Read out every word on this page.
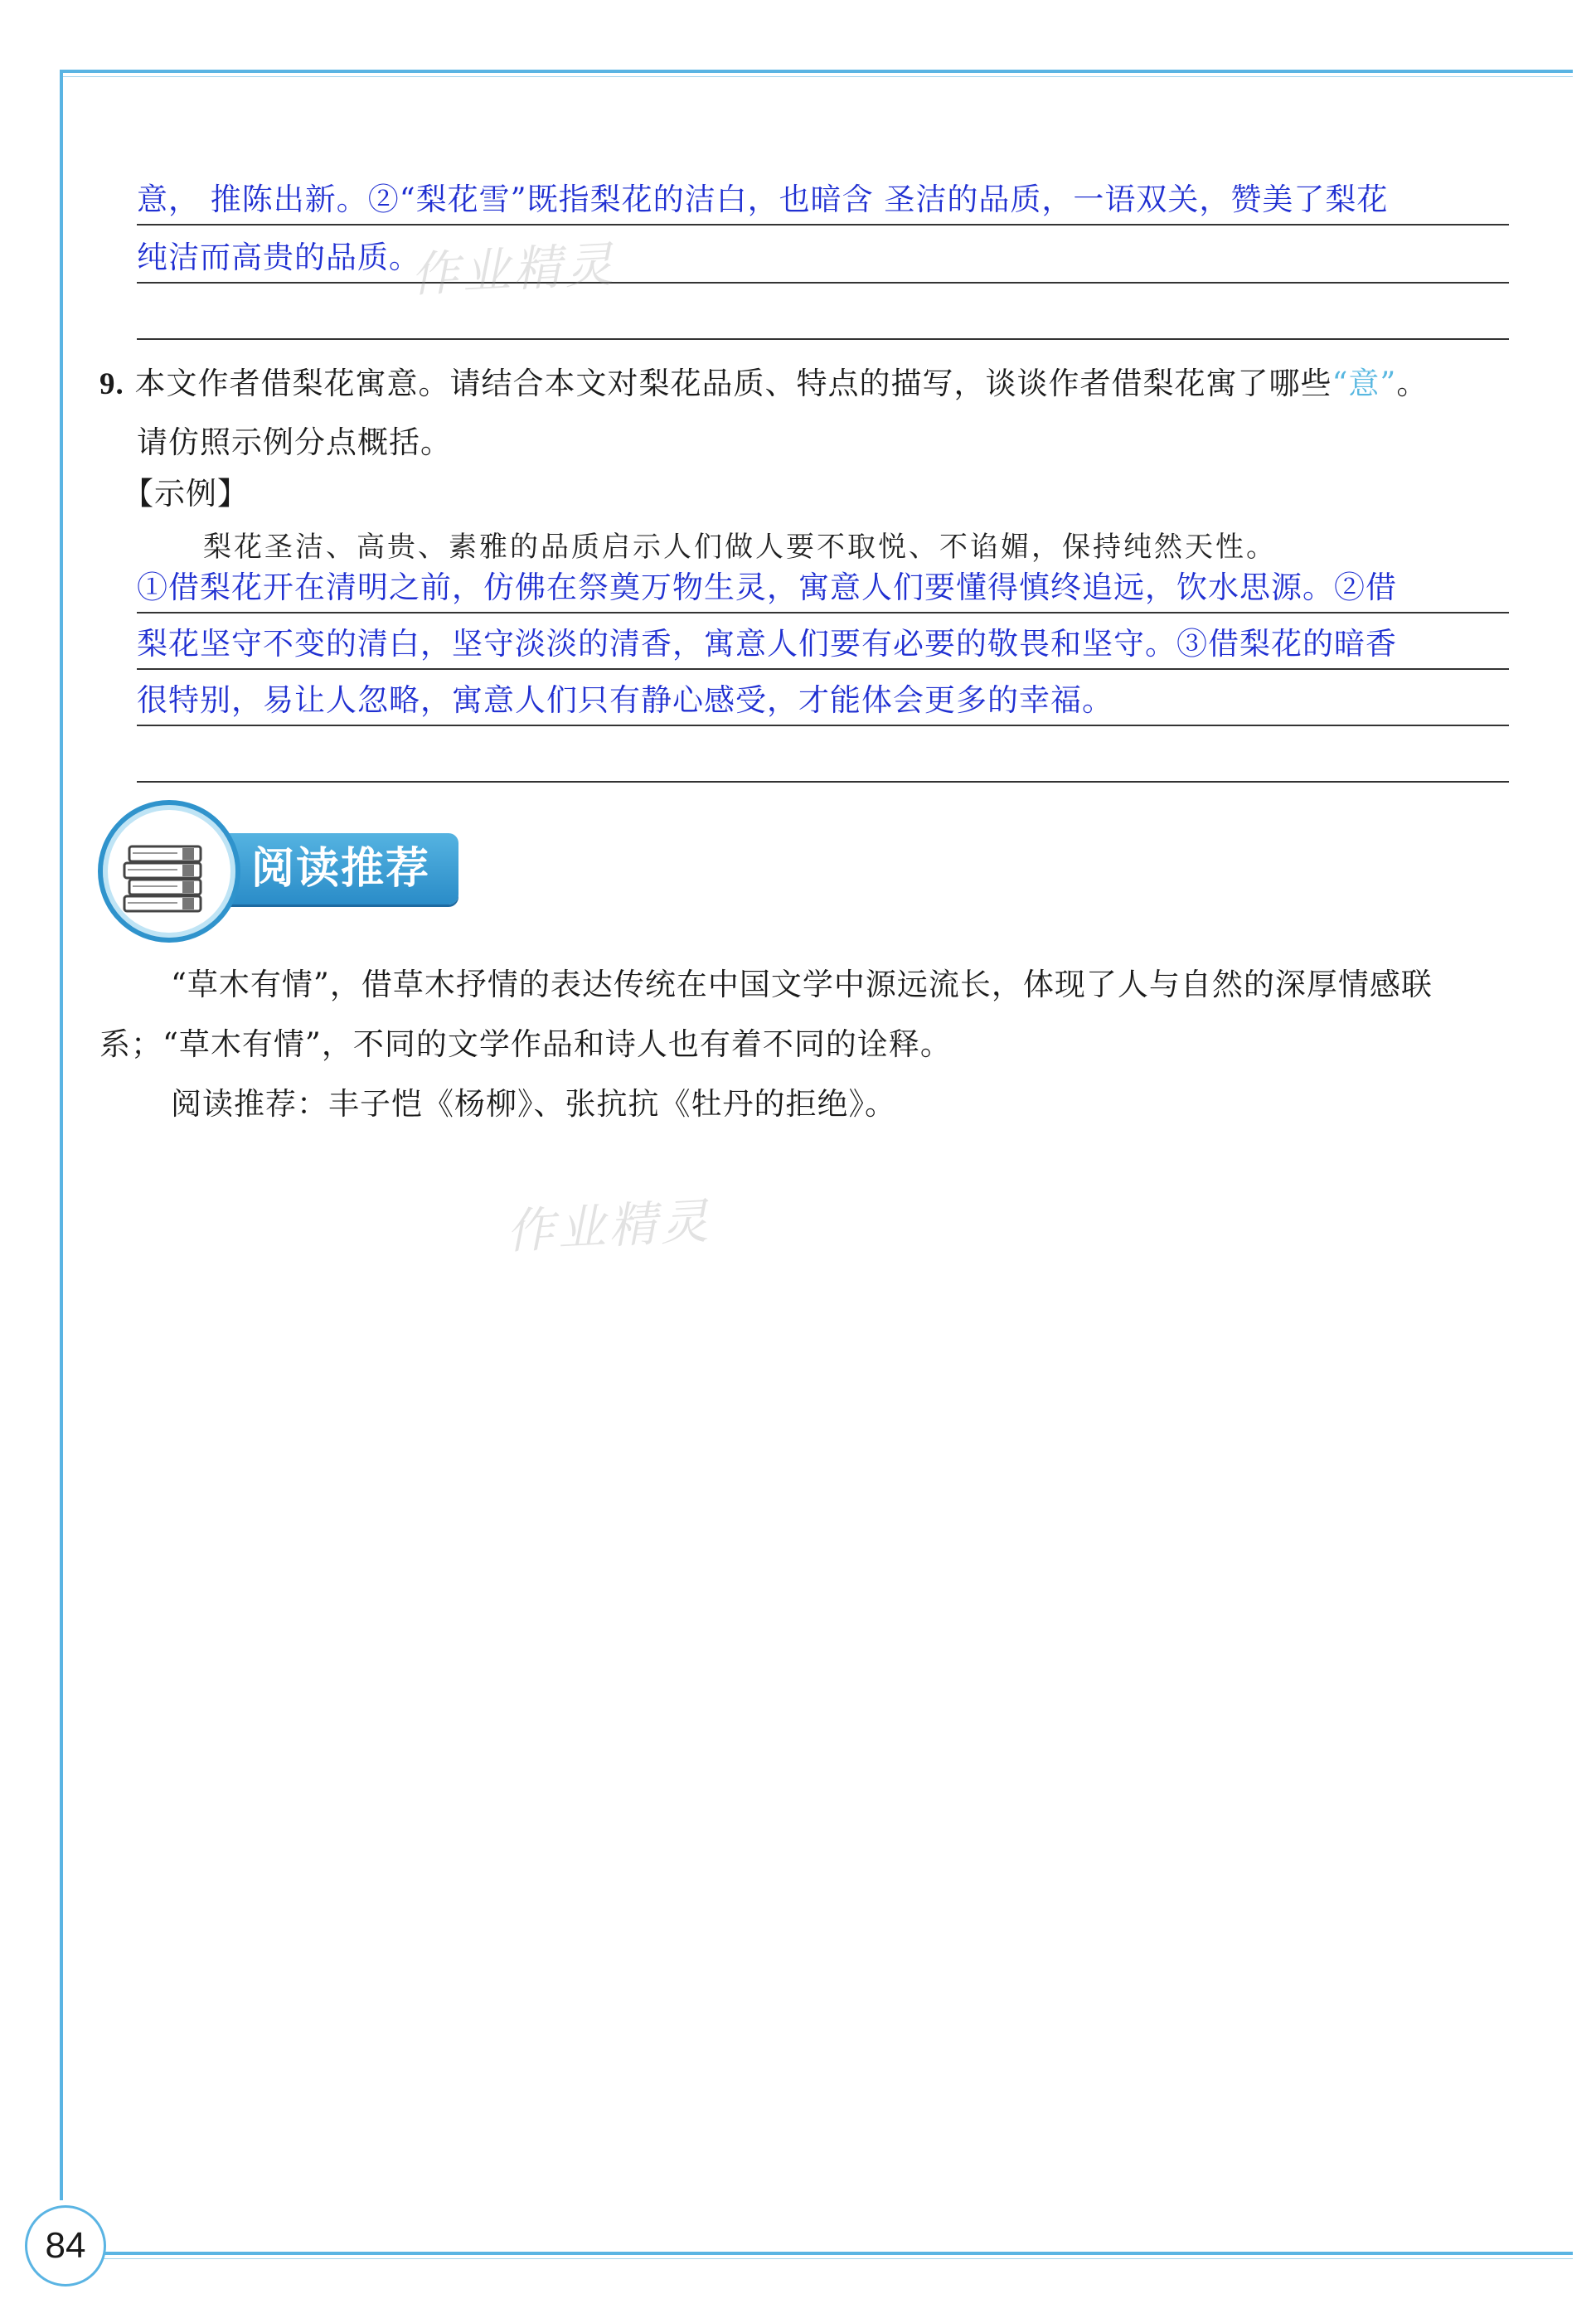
意， 推陈出新。②“梨花雪”既指梨花的洁白，也暗含 圣洁的品质，一语双关，赞美了梨花
纯洁而高贵的品质。
作业精灵
9. 本文作者借梨花寓意。请结合本文对梨花品质、特点的描写，谈谈作者借梨花寓了哪些“意”。
请仿照示例分点概括。
【示例】
梨花圣洁、高贵、素雅的品质启示人们做人要不取悦、不谄媚，保持纯然天性。
①借梨花开在清明之前，仿佛在祭奠万物生灵，寓意人们要懂得慎终追远，饮水思源。②借
梨花坚守不变的清白，坚守淡淡的清香，寓意人们要有必要的敬畏和坚守。③借梨花的暗香
很特别，易让人忽略，寓意人们只有静心感受，才能体会更多的幸福。
阅读推荐
“草木有情”，借草木抒情的表达传统在中国文学中源远流长，体现了人与自然的深厚情感联
系；“草木有情”，不同的文学作品和诗人也有着不同的诠释。
阅读推荐：丰子恺《杨柳》、张抗抗《牡丹的拒绝》。
作业精灵
84
